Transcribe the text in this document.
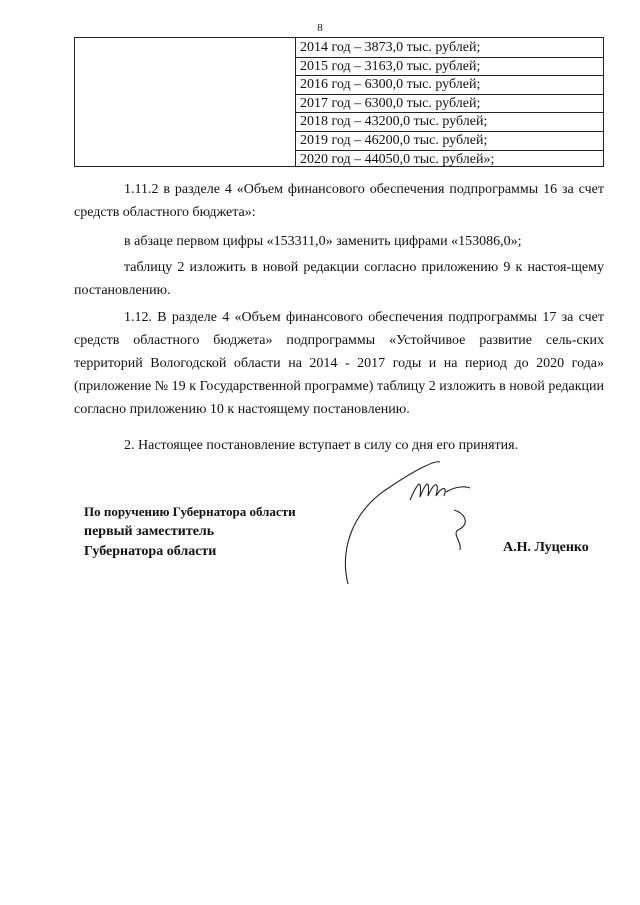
8
2014 год – 3873,0 тыс. рублей;
2015 год – 3163,0 тыс. рублей;
2016 год – 6300,0 тыс. рублей;
2017 год – 6300,0 тыс. рублей;
2018 год – 43200,0 тыс. рублей;
2019 год – 46200,0 тыс. рублей;
2020 год – 44050,0 тыс. рублей»;

1.11.2 в разделе 4 «Объем финансового обеспечения подпрограммы 16 за счет средств областного бюджета»:

в абзаце первом цифры «153311,0» заменить цифрами «153086,0»;

таблицу 2 изложить в новой редакции согласно приложению 9 к настоя-щему постановлению.

1.12. В разделе 4 «Объем финансового обеспечения подпрограммы 17 за счет средств областного бюджета» подпрограммы «Устойчивое развитие сель-ских территорий Вологодской области на 2014 - 2017 годы и на период до 2020 года» (приложение № 19 к Государственной программе) таблицу 2 изложить в новой редакции согласно приложению 10 к настоящему постановлению.

2. Настоящее постановление вступает в силу со дня его принятия.

По поручению Губернатора области
первый заместитель
Губернатора области	А.Н. Луценко
